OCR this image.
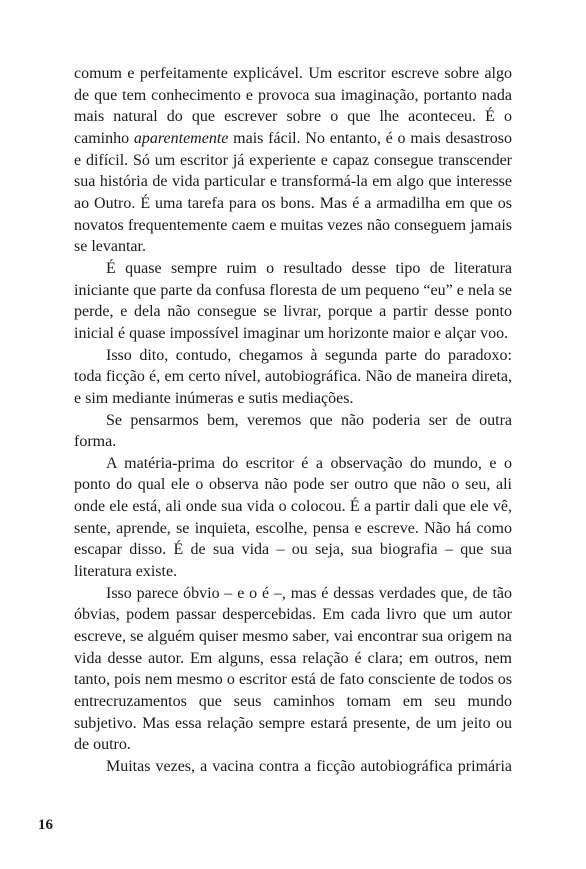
comum e perfeitamente explicável. Um escritor escreve sobre algo de que tem conhecimento e provoca sua imaginação, portanto nada mais natural do que escrever sobre o que lhe aconteceu. É o caminho aparentemente mais fácil. No entanto, é o mais desastroso e difícil. Só um escritor já experiente e capaz consegue transcender sua história de vida particular e transformá-la em algo que interesse ao Outro. É uma tarefa para os bons. Mas é a armadilha em que os novatos frequentemente caem e muitas vezes não conseguem jamais se levantar.

É quase sempre ruim o resultado desse tipo de literatura iniciante que parte da confusa floresta de um pequeno “eu” e nela se perde, e dela não consegue se livrar, porque a partir desse ponto inicial é quase impossível imaginar um horizonte maior e alçar voo.

Isso dito, contudo, chegamos à segunda parte do paradoxo: toda ficção é, em certo nível, autobiográfica. Não de maneira direta, e sim mediante inúmeras e sutis mediações.

Se pensarmos bem, veremos que não poderia ser de outra forma.

A matéria-prima do escritor é a observação do mundo, e o ponto do qual ele o observa não pode ser outro que não o seu, ali onde ele está, ali onde sua vida o colocou. É a partir dali que ele vê, sente, aprende, se inquieta, escolhe, pensa e escreve. Não há como escapar disso. É de sua vida – ou seja, sua biografia – que sua literatura existe.

Isso parece óbvio – e o é –, mas é dessas verdades que, de tão óbvias, podem passar despercebidas. Em cada livro que um autor escreve, se alguém quiser mesmo saber, vai encontrar sua origem na vida desse autor. Em alguns, essa relação é clara; em outros, nem tanto, pois nem mesmo o escritor está de fato consciente de todos os entrecruzamentos que seus caminhos tomam em seu mundo subjetivo. Mas essa relação sempre estará presente, de um jeito ou de outro.

Muitas vezes, a vacina contra a ficção autobiográfica primária

16
